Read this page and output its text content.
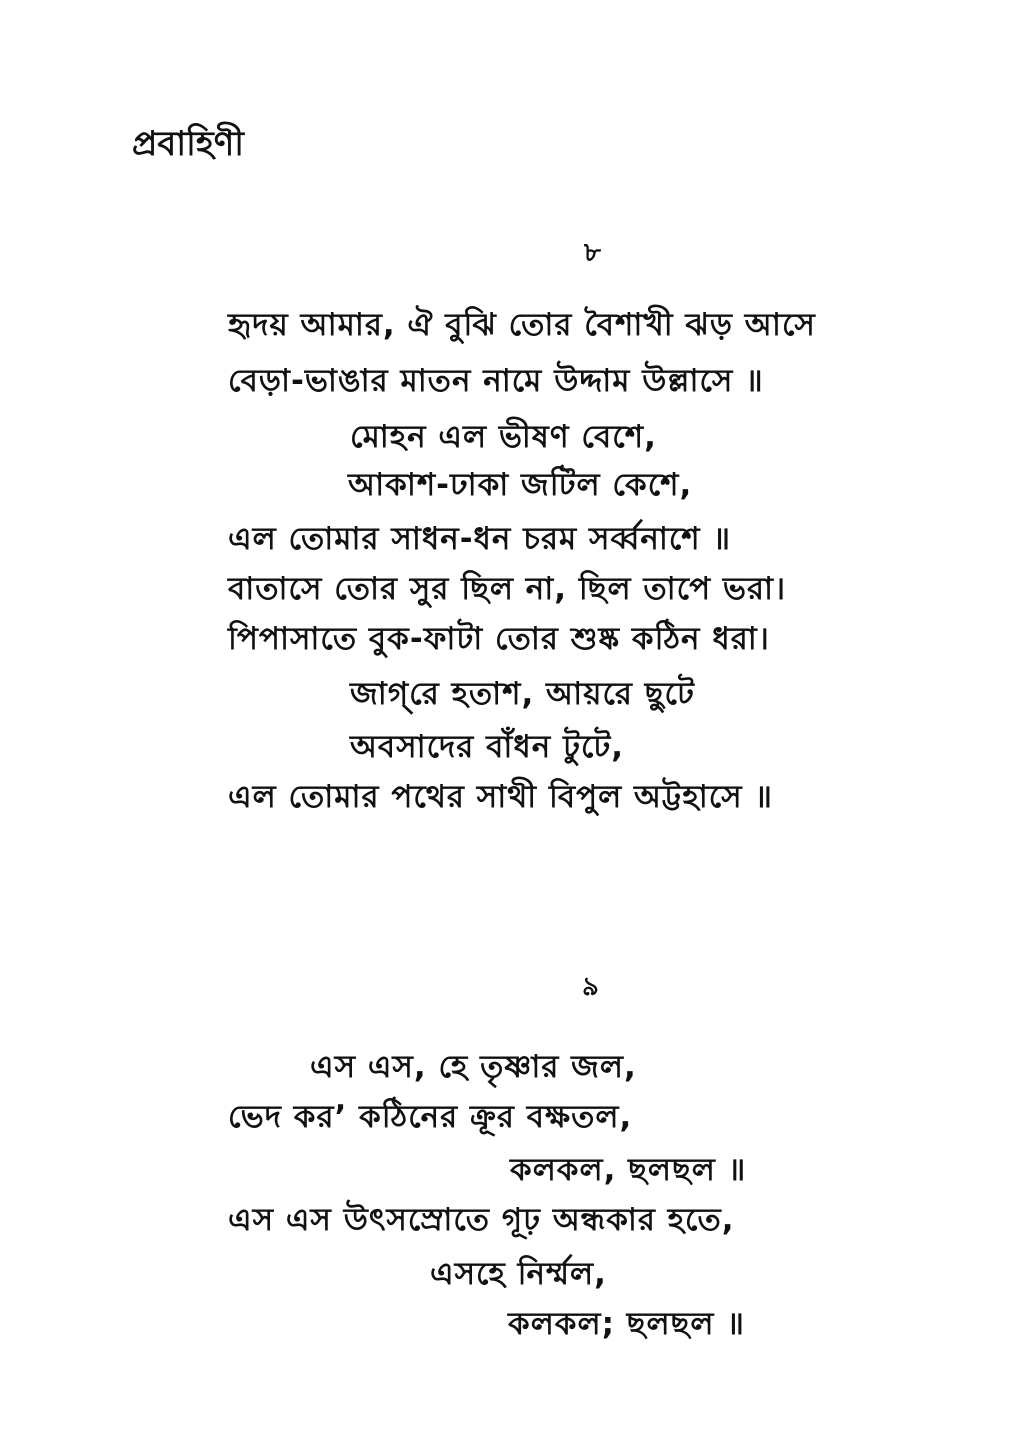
প্রবাহিণী
৮
হৃদয় আমার, ঐ বুঝি তোর বৈশাখী ঝড় আসে
বেড়া-ভাঙার মাতন নামে উদ্দাম উল্লাসে ॥
মোহন এল ভীষণ বেশে,
আকাশ-ঢাকা জটিল কেশে,
এল তোমার সাধন-ধন চরম সর্ব্বনাশে ॥
বাতাসে তোর সুর ছিল না, ছিল তাপে ভরা।
পিপাসাতে বুক-ফাটা তোর শুষ্ক কঠিন ধরা।
জাগ্‌রে হতাশ, আয়রে ছুটে
অবসাদের বাঁধন টুটে,
এল তোমার পথের সাথী বিপুল অট্টহাসে ॥
৯
এস এস, হে তৃষ্ণার জল,
ভেদ কর’ কঠিনের ক্রূর বক্ষতল,
কলকল, ছলছল ॥
এস এস উৎসস্রোতে গূঢ় অন্ধকার হতে,
এসহে নির্ম্মল,
কলকল; ছলছল ॥
